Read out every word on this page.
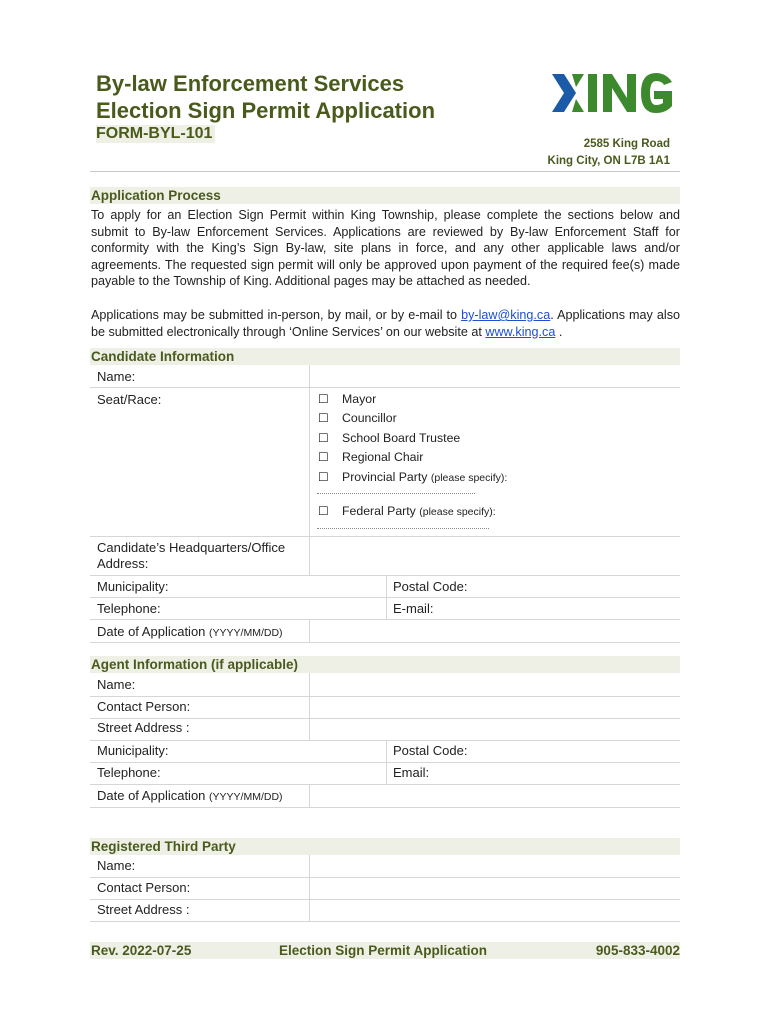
By-law Enforcement Services
Election Sign Permit Application
FORM-BYL-101
2585 King Road
King City, ON L7B 1A1
Application Process
To apply for an Election Sign Permit within King Township, please complete the sections below and submit to By-law Enforcement Services. Applications are reviewed by By-law Enforcement Staff for conformity with the King’s Sign By-law, site plans in force, and any other applicable laws and/or agreements. The requested sign permit will only be approved upon payment of the required fee(s) made payable to the Township of King. Additional pages may be attached as needed.
Applications may be submitted in-person, by mail, or by e-mail to by-law@king.ca. Applications may also be submitted electronically through ‘Online Services’ on our website at www.king.ca .
Candidate Information
Name:
Seat/Race:	☐ Mayor
☐ Councillor
☐ School Board Trustee
☐ Regional Chair
☐ Provincial Party (please specify):
☐ Federal Party (please specify):
Candidate’s Headquarters/Office
Address:
Municipality:	Postal Code:
Telephone:	E-mail:
Date of Application (YYYY/MM/DD)
Agent Information (if applicable)
Name:
Contact Person:
Street Address :
Municipality:	Postal Code:
Telephone:	Email:
Date of Application (YYYY/MM/DD)
Registered Third Party
Name:
Contact Person:
Street Address :
Rev. 2022-07-25	Election Sign Permit Application	905-833-4002
